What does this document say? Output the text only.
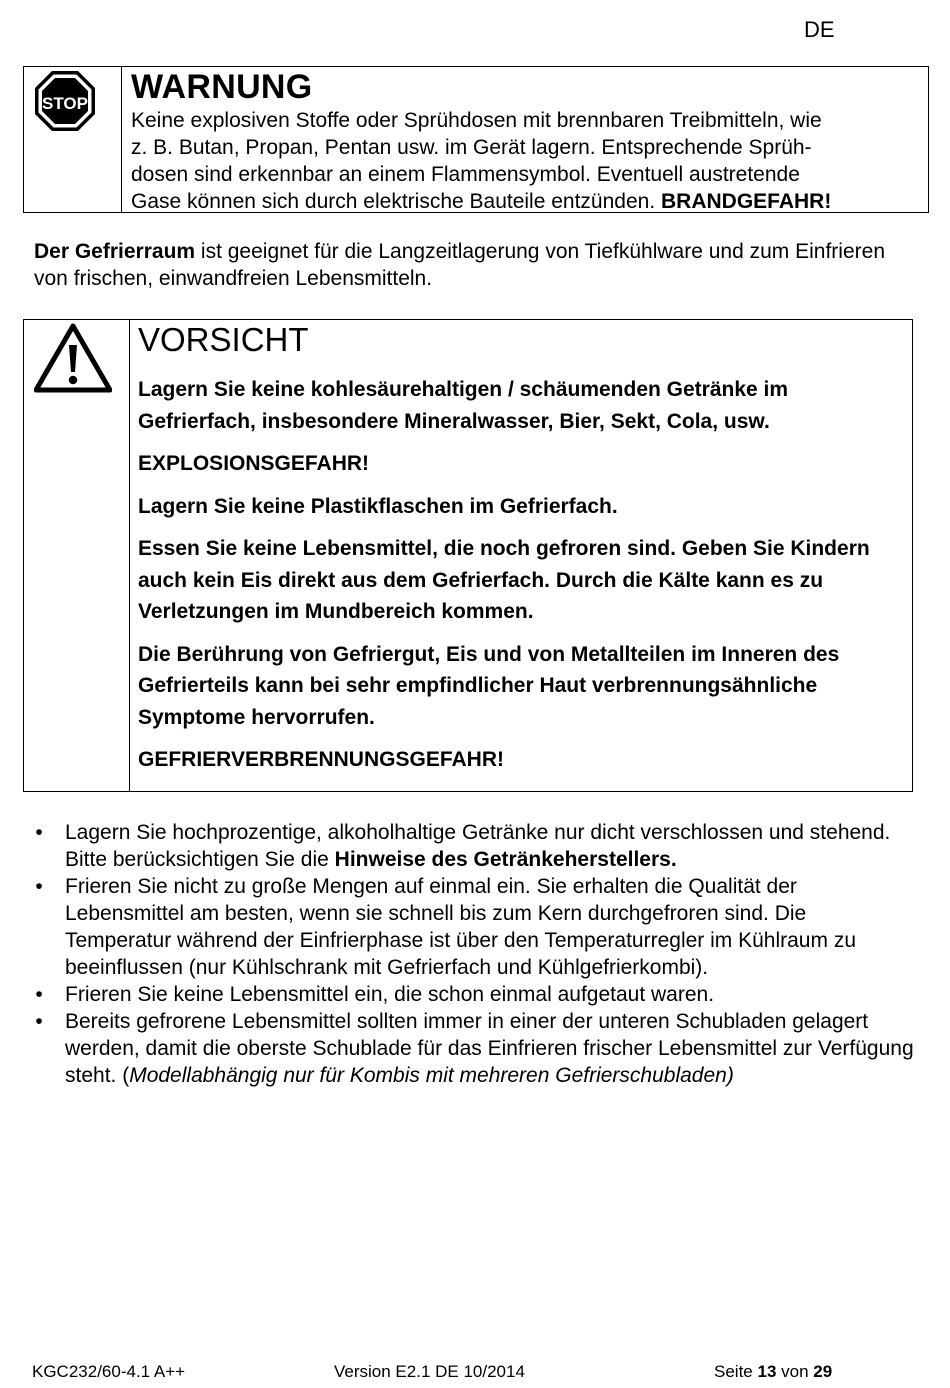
DE
STOP WARNUNG

Keine explosiven Stoffe oder Sprühdosen mit brennbaren Treibmitteln, wie

z. B. Butan, Propan, Pentan usw. im Gerät lagern. Entsprechende Sprüh-

dosen sind erkennbar an einem Flammensymbol. Eventuell austretende

Gase können sich durch elektrische Bauteile entzünden. BRANDGEFAHR!

Der Gefrierraum ist geeignet für die Langzeitlagerung von Tiefkühlware und zum Einfrieren von frischen, einwandfreien Lebensmitteln.

VORSICHT

Lagern Sie keine kohlesäurehaltigen / schäumenden Getränke im Gefrierfach, insbesondere Mineralwasser, Bier, Sekt, Cola, usw.

EXPLOSIONSGEFAHR!

Lagern Sie keine Plastikflaschen im Gefrierfach.

Essen Sie keine Lebensmittel, die noch gefroren sind. Geben Sie Kindern auch kein Eis direkt aus dem Gefrierfach. Durch die Kälte kann es zu Verletzungen im Mundbereich kommen.

Die Berührung von Gefriergut, Eis und von Metallteilen im Inneren des Gefrierteils kann bei sehr empfindlicher Haut verbrennungsähnliche Symptome hervorrufen.

GEFRIERVERBRENNUNGSGEFAHR!

• Lagern Sie hochprozentige, alkoholhaltige Getränke nur dicht verschlossen und stehend. Bitte berücksichtigen Sie die Hinweise des Getränkeherstellers.
• Frieren Sie nicht zu große Mengen auf einmal ein. Sie erhalten die Qualität der Lebensmittel am besten, wenn sie schnell bis zum Kern durchgefroren sind. Die Temperatur während der Einfrierphase ist über den Temperaturregler im Kühlraum zu beeinflussen (nur Kühlschrank mit Gefrierfach und Kühlgefrierkombi).
• Frieren Sie keine Lebensmittel ein, die schon einmal aufgetaut waren.
• Bereits gefrorene Lebensmittel sollten immer in einer der unteren Schubladen gelagert werden, damit die oberste Schublade für das Einfrieren frischer Lebensmittel zur Verfügung steht. (Modellabhängig nur für Kombis mit mehreren Gefrierschubladen)
KGC232/60-4.1 A++	Version E2.1 DE 10/2014	Seite 13 von 29
